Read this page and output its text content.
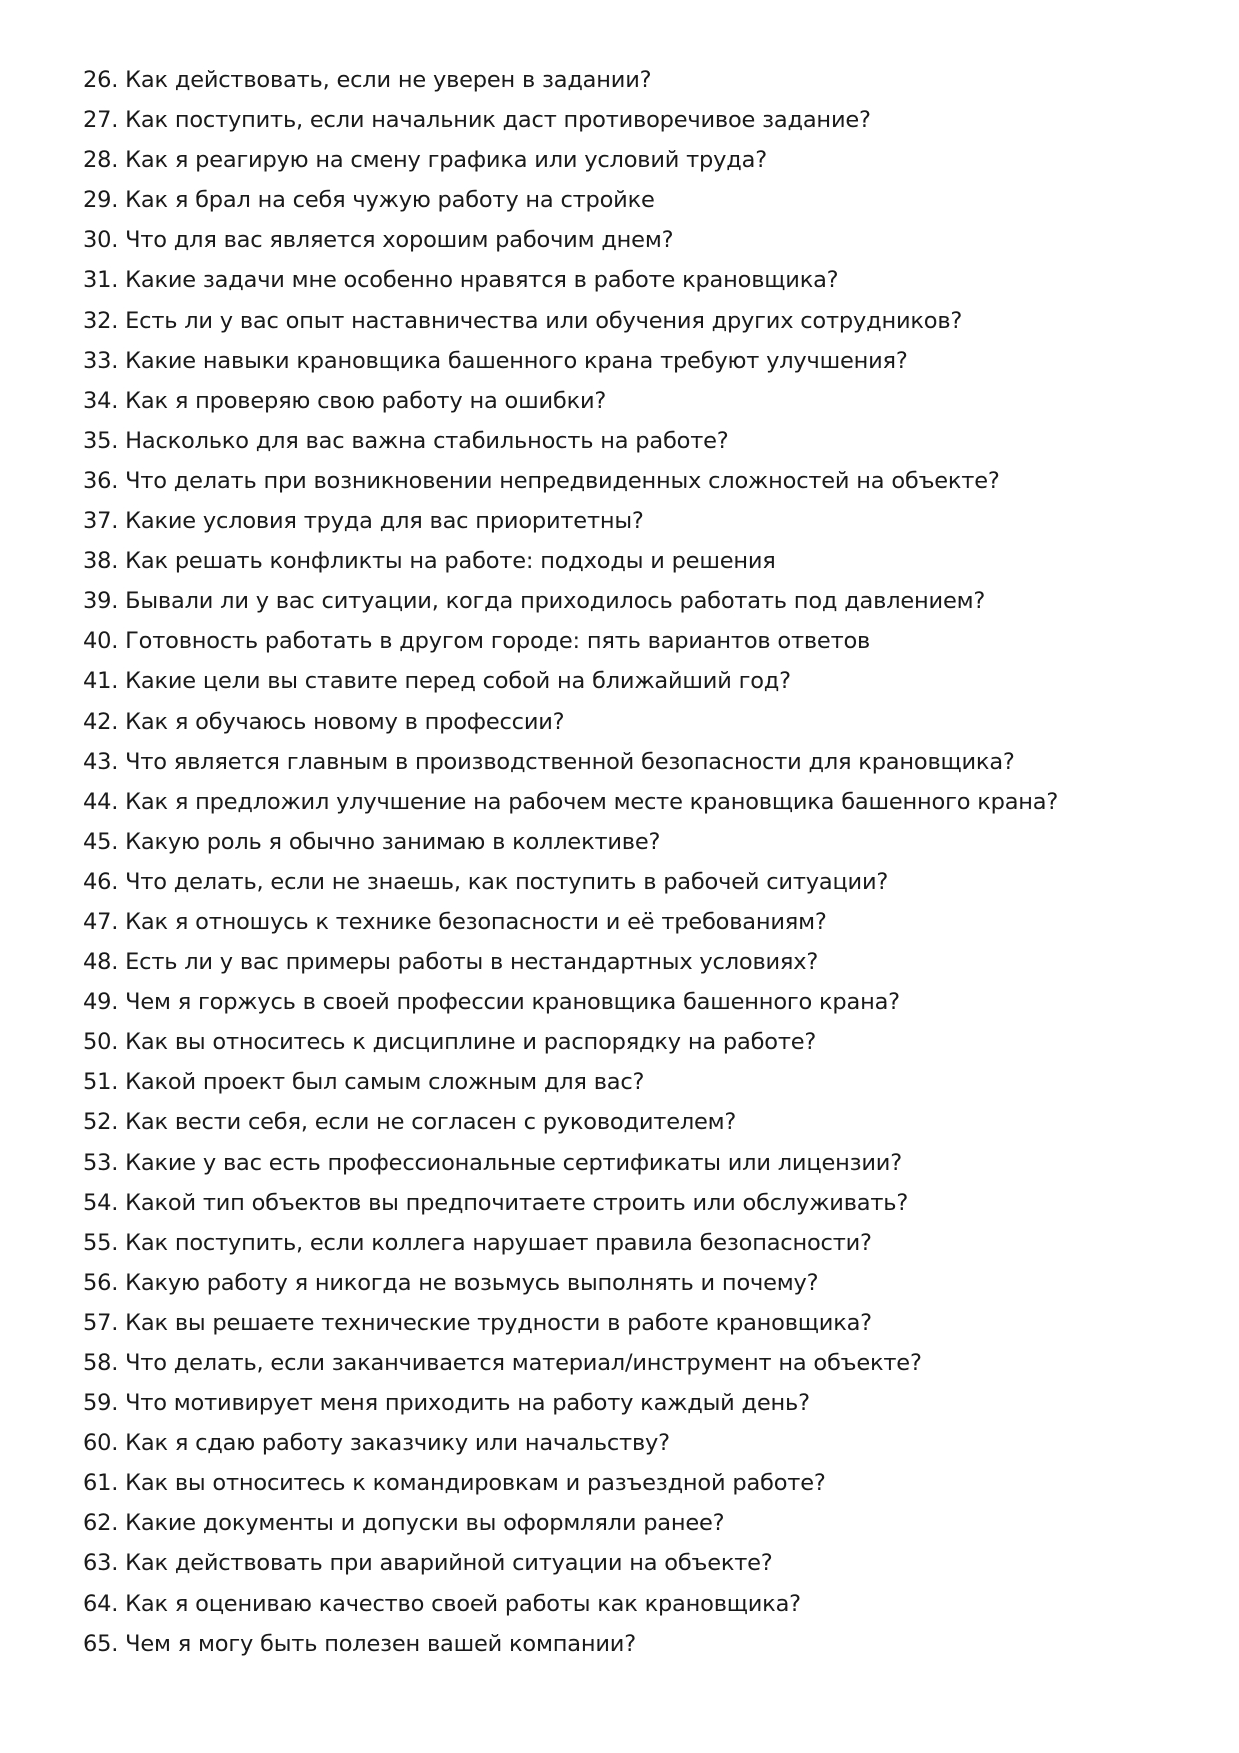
26. Как действовать, если не уверен в задании?
27. Как поступить, если начальник даст противоречивое задание?
28. Как я реагирую на смену графика или условий труда?
29. Как я брал на себя чужую работу на стройке
30. Что для вас является хорошим рабочим днем?
31. Какие задачи мне особенно нравятся в работе крановщика?
32. Есть ли у вас опыт наставничества или обучения других сотрудников?
33. Какие навыки крановщика башенного крана требуют улучшения?
34. Как я проверяю свою работу на ошибки?
35. Насколько для вас важна стабильность на работе?
36. Что делать при возникновении непредвиденных сложностей на объекте?
37. Какие условия труда для вас приоритетны?
38. Как решать конфликты на работе: подходы и решения
39. Бывали ли у вас ситуации, когда приходилось работать под давлением?
40. Готовность работать в другом городе: пять вариантов ответов
41. Какие цели вы ставите перед собой на ближайший год?
42. Как я обучаюсь новому в профессии?
43. Что является главным в производственной безопасности для крановщика?
44. Как я предложил улучшение на рабочем месте крановщика башенного крана?
45. Какую роль я обычно занимаю в коллективе?
46. Что делать, если не знаешь, как поступить в рабочей ситуации?
47. Как я отношусь к технике безопасности и её требованиям?
48. Есть ли у вас примеры работы в нестандартных условиях?
49. Чем я горжусь в своей профессии крановщика башенного крана?
50. Как вы относитесь к дисциплине и распорядку на работе?
51. Какой проект был самым сложным для вас?
52. Как вести себя, если не согласен с руководителем?
53. Какие у вас есть профессиональные сертификаты или лицензии?
54. Какой тип объектов вы предпочитаете строить или обслуживать?
55. Как поступить, если коллега нарушает правила безопасности?
56. Какую работу я никогда не возьмусь выполнять и почему?
57. Как вы решаете технические трудности в работе крановщика?
58. Что делать, если заканчивается материал/инструмент на объекте?
59. Что мотивирует меня приходить на работу каждый день?
60. Как я сдаю работу заказчику или начальству?
61. Как вы относитесь к командировкам и разъездной работе?
62. Какие документы и допуски вы оформляли ранее?
63. Как действовать при аварийной ситуации на объекте?
64. Как я оцениваю качество своей работы как крановщика?
65. Чем я могу быть полезен вашей компании?
